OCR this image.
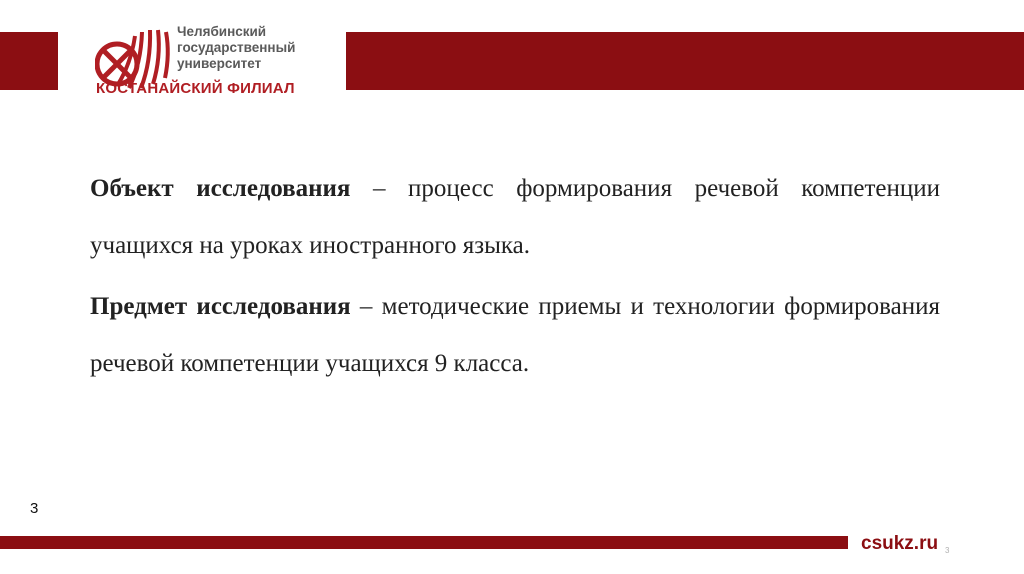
Челябинский
государственный
университет
КОСТАНАЙСКИЙ ФИЛИАЛ

Объект исследования – процесс формирования речевой компетенции учащихся на уроках иностранного языка.

Предмет исследования – методические приемы и технологии формирования речевой компетенции учащихся 9 класса.

3
csukz.ru 3
